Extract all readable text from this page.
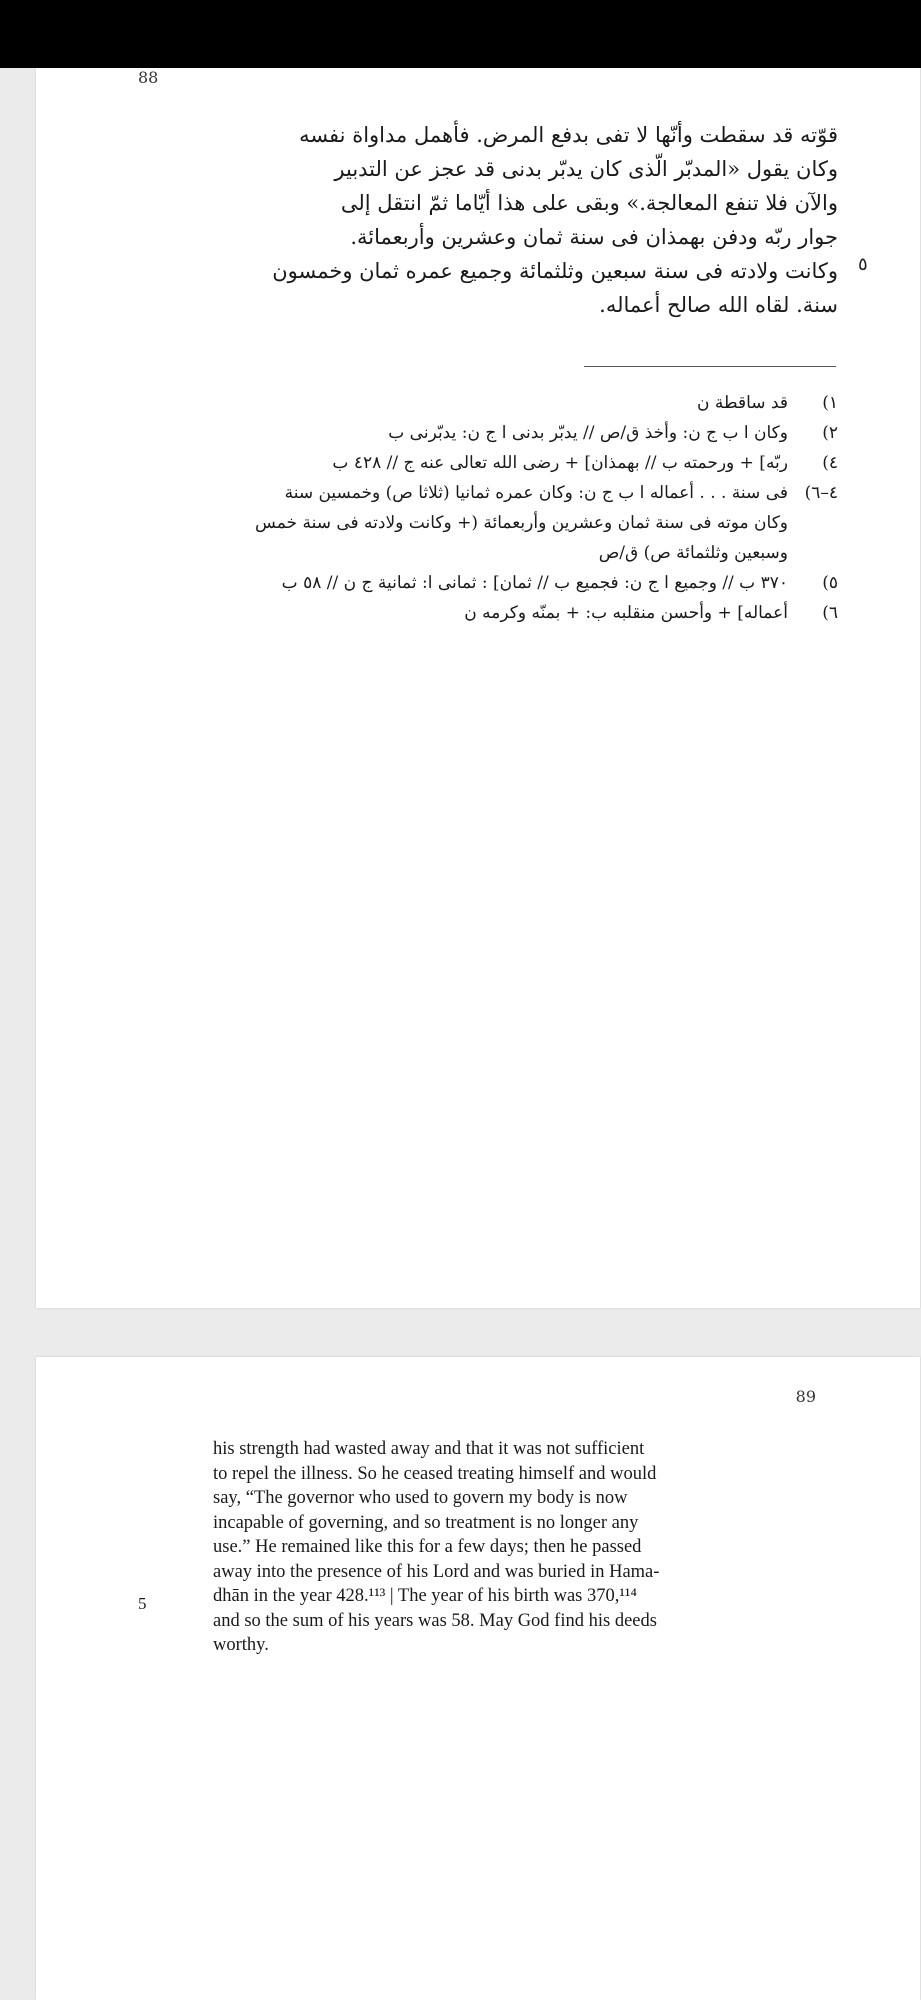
88
قوّته قد سقطت وأنّها لا تفى بدفع المرض. فأهمل مداواة نفسه
وكان يقول «المدبّر الّذى كان يدبّر بدنى قد عجز عن التدبير
والآن فلا تنفع المعالجة.» وبقى على هذا أيّاما ثمّ انتقل إلى
جوار ربّه ودفن بهمذان فى سنة ثمان وعشرين وأربعمائة.
وكانت ولادته فى سنة سبعين وثلثمائة وجميع عمره ثمان وخمسون
سنة. لقاه الله صالح أعماله.
٥
١)
قد ساقطة ن
٢)
وكان ا ب ج ن: وأخذ ق/ص // يدبّر بدنى ا ج ن: يدبّرنى ب
٤)
ربّه] + ورحمته ب // بهمذان] + رضى الله تعالى عنه ج // ٤٢٨ ب
٤–٦)
فى سنة . . . أعماله ا ب ج ن: وكان عمره ثمانيا (ثلاثا ص) وخمسين سنة
وكان موته فى سنة ثمان وعشرين وأربعمائة (+ وكانت ولادته فى سنة خمس
وسبعين وثلثمائة ص) ق/ص
٥)
٣٧٠ ب // وجميع ا ج ن: فجميع ب // ثمان] : ثمانى ا: ثمانية ج ن // ٥٨ ب
٦)
أعماله] + وأحسن منقلبه ب: + بمنّه وكرمه ن
89
his strength had wasted away and that it was not sufficient
to repel the illness. So he ceased treating himself and would
say, “The governor who used to govern my body is now
incapable of governing, and so treatment is no longer any
use.” He remained like this for a few days; then he passed
away into the presence of his Lord and was buried in Hama-
dhān in the year 428.¹¹³ | The year of his birth was 370,¹¹⁴
and so the sum of his years was 58. May God find his deeds
worthy.
5
